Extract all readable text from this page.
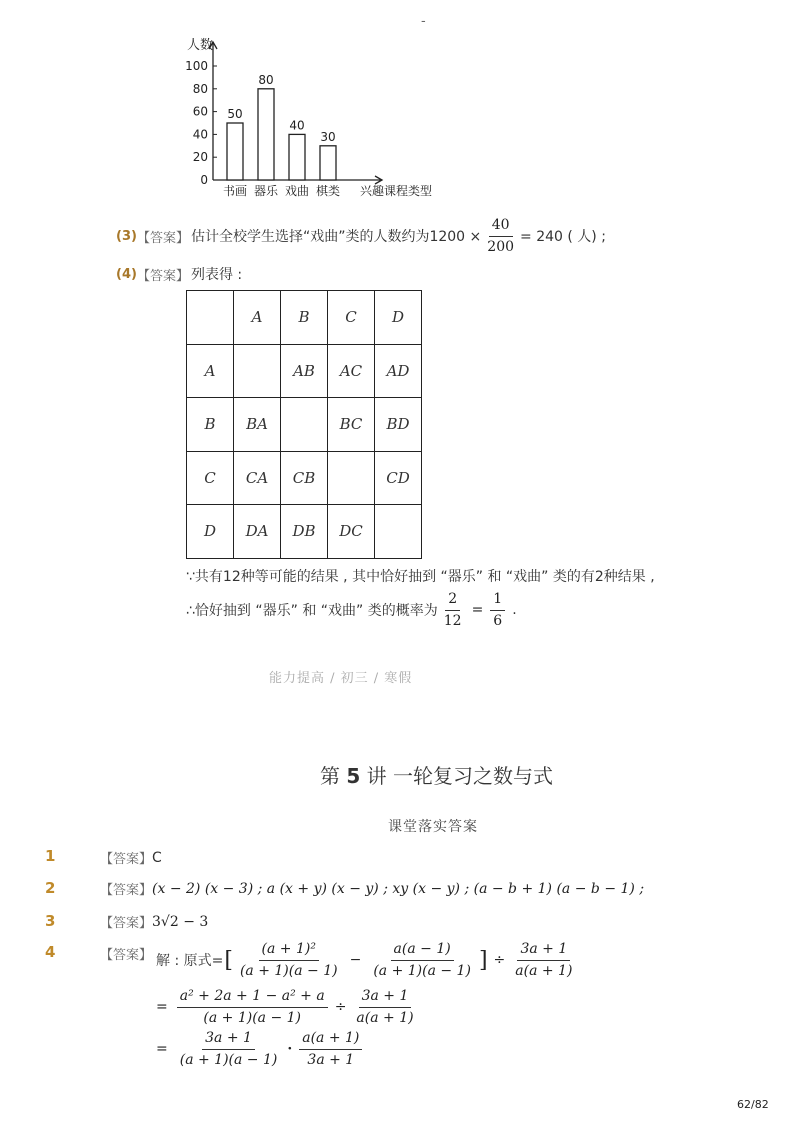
-
100
80
60
40
20
0
人数
50
书画
80
器乐
40
戏曲
30
棋类 兴趣课程类型
(3) 【答案】 估计全校学生选择“戏曲”类的人数约为$1200 \times \frac{40}{200} = 240$ ( 人) ;
(4) 【答案】 列表得 :
	A	B	C	D
A		AB	AC	AD
B	BA		BC	BD
C	CA	CB		CD
D	DA	DB	DC	
∵共有12种等可能的结果 , 其中恰好抽到 “器乐” 和 “戏曲” 类的有2种结果 ,
∴恰好抽到 “器乐” 和 “戏曲” 类的概率为 $\frac{2}{12} = \frac{1}{6}$ .
能力提高 / 初三 / 寒假
第 5 讲 一轮复习之数与式
课堂落实答案
1	【答案】 C
2	【答案】 (x − 2) (x − 3) ; a (x + y) (x − y) ; xy (x − y) ; (a − b + 1) (a − b − 1) ;
3	【答案】 3√2 − 3
4	【答案】 解 : 原式= [ $\frac{\text{(a + 1)²}}{(a + 1)(a - 1)} - \frac{a(a - 1)}{(a + 1)(a - 1)}$ ] ÷ $\frac{3a + 1}{a(a + 1)}$
= $\frac{\text{a² + 2a + 1 − a² + a}}{(a + 1)(a - 1)} \div \frac{3a + 1}{a(a + 1)}$
= $\frac{3a + 1}{(a + 1)(a - 1)} \cdot \frac{a(a + 1)}{3a + 1}$
62/82
